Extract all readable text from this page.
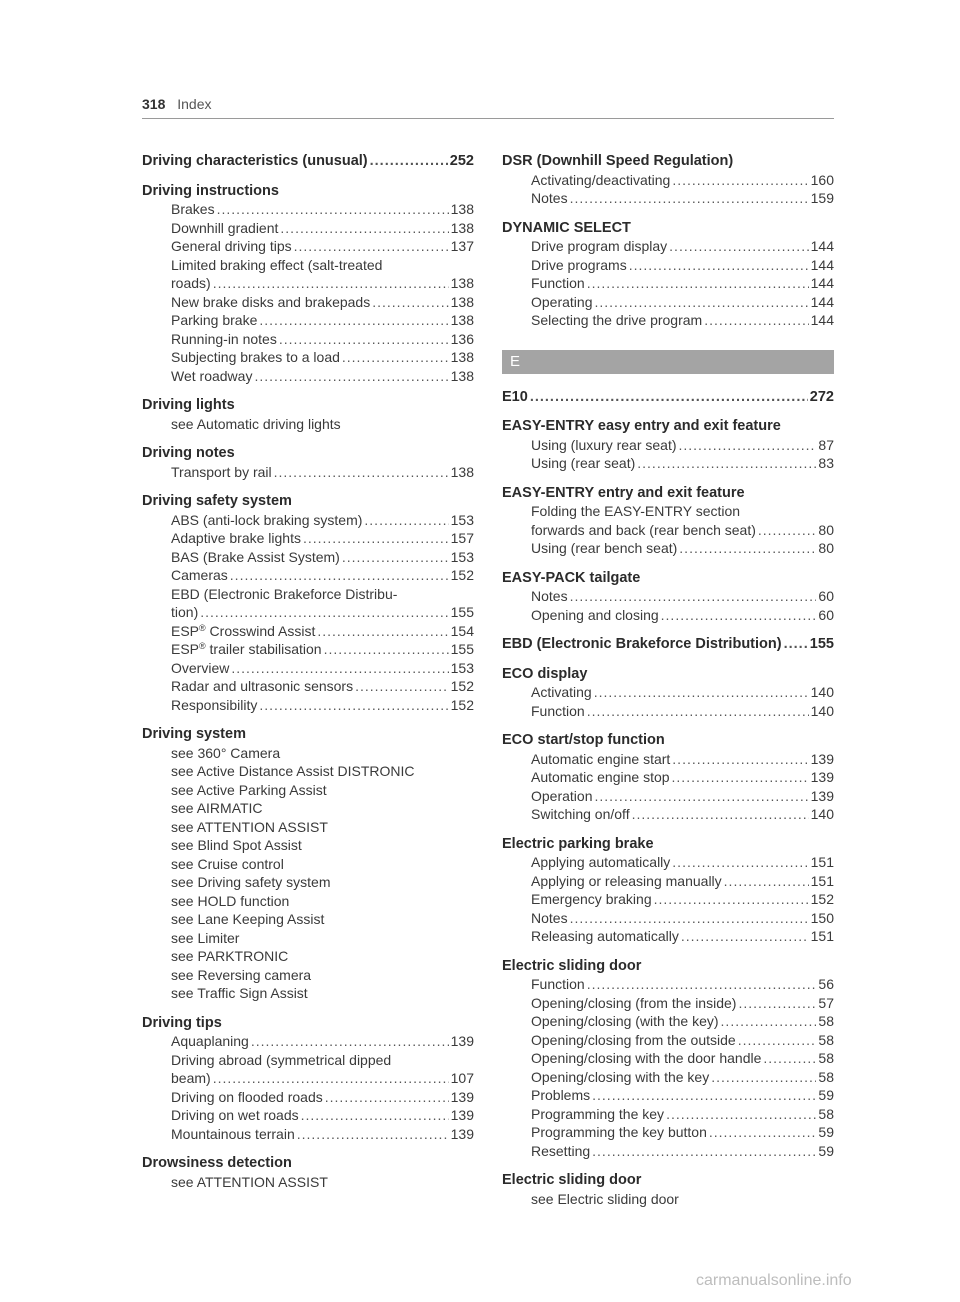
318 Index
Driving characteristics (unusual) .....	252
Driving instructions
Brakes .....	138
Downhill gradient .....	138
General driving tips .....	137
Limited braking effect (salt-treated
roads) .....	138
New brake disks and brakepads .....	138
Parking brake .....	138
Running-in notes .....	136
Subjecting brakes to a load .....	138
Wet roadway .....	138
Driving lights
see Automatic driving lights
Driving notes
Transport by rail .....	138
Driving safety system
ABS (anti-lock braking system) .....	153
Adaptive brake lights .....	157
BAS (Brake Assist System) .....	153
Cameras .....	152
EBD (Electronic Brakeforce Distribu-
tion) .....	155
ESP® Crosswind Assist .....	154
ESP® trailer stabilisation .....	155
Overview .....	153
Radar and ultrasonic sensors .....	152
Responsibility .....	152
Driving system
see 360° Camera
see Active Distance Assist DISTRONIC
see Active Parking Assist
see AIRMATIC
see ATTENTION ASSIST
see Blind Spot Assist
see Cruise control
see Driving safety system
see HOLD function
see Lane Keeping Assist
see Limiter
see PARKTRONIC
see Reversing camera
see Traffic Sign Assist
Driving tips
Aquaplaning .....	139
Driving abroad (symmetrical dipped
beam) .....	107
Driving on flooded roads .....	139
Driving on wet roads .....	139
Mountainous terrain .....	139
Drowsiness detection
see ATTENTION ASSIST
DSR (Downhill Speed Regulation)
Activating/deactivating .....	160
Notes .....	159
DYNAMIC SELECT
Drive program display .....	144
Drive programs .....	144
Function .....	144
Operating .....	144
Selecting the drive program .....	144
E
E10 .....	272
EASY-ENTRY easy entry and exit feature
Using (luxury rear seat) .....	87
Using (rear seat) .....	83
EASY-ENTRY entry and exit feature
Folding the EASY-ENTRY section
forwards and back (rear bench seat) .....	80
Using (rear bench seat) .....	80
EASY-PACK tailgate
Notes .....	60
Opening and closing .....	60
EBD (Electronic Brakeforce Distribution) ..... 155
ECO display
Activating .....	140
Function .....	140
ECO start/stop function
Automatic engine start .....	139
Automatic engine stop .....	139
Operation .....	139
Switching on/off .....	140
Electric parking brake
Applying automatically .....	151
Applying or releasing manually .....	151
Emergency braking .....	152
Notes .....	150
Releasing automatically .....	151
Electric sliding door
Function .....	56
Opening/closing (from the inside) .....	57
Opening/closing (with the key) .....	58
Opening/closing from the outside .....	58
Opening/closing with the door handle .....	58
Opening/closing with the key .....	58
Problems .....	59
Programming the key .....	58
Programming the key button .....	59
Resetting .....	59
Electric sliding door
see Electric sliding door
carmanualsonline.info
